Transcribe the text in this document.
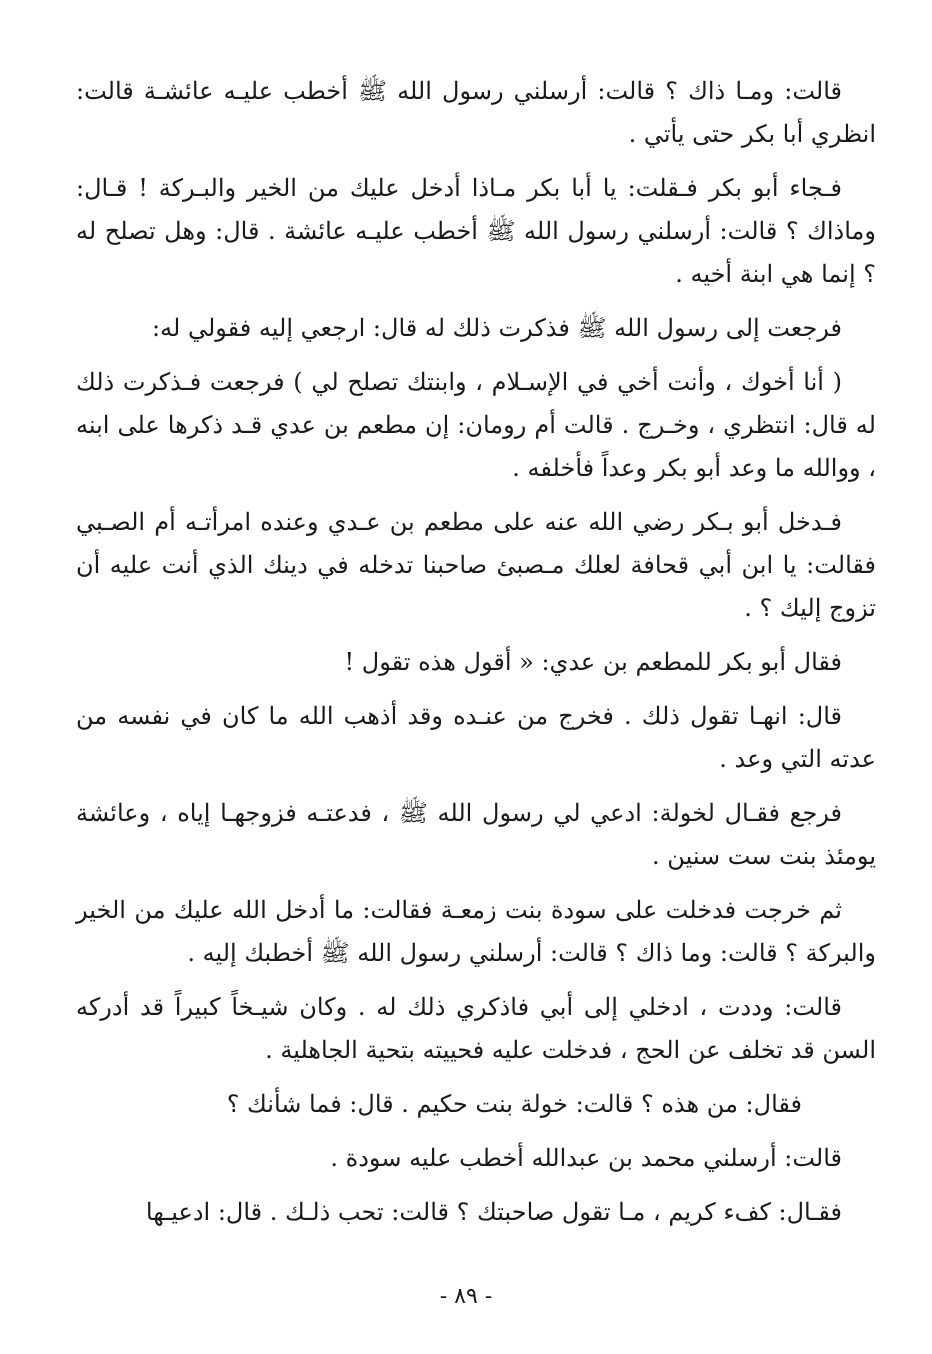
قالت: ومـا ذاك ؟ قالت: أرسلني رسول الله ﷺ أخطب عليـه عائشـة قالت: انظري أبا بكر حتى يأتي .

فـجاء أبو بكر فـقلت: يا أبا بكر مـاذا أدخل عليك من الخير والبـركة ! قـال: وماذاك ؟ قالت: أرسلني رسول الله ﷺ أخطب عليـه عائشة . قال: وهل تصلح له ؟ إنما هي ابنة أخيه .

فرجعت إلى رسول الله ﷺ فذكرت ذلك له قال: ارجعي إليه فقولي له:

( أنا أخوك ، وأنت أخي في الإسـلام ، وابنتك تصلح لي ) فرجعت فـذكرت ذلك له قال: انتظري ، وخـرج . قالت أم رومان: إن مطعم بن عدي قـد ذكرها على ابنه ، ووالله ما وعد أبو بكر وعداً فأخلفه .

فـدخل أبو بـكر رضي الله عنه على مطعم بن عـدي وعنده امرأتـه أم الصـبي فقالت: يا ابن أبي قحافة لعلك مـصبئ صاحبنا تدخله في دينك الذي أنت عليه أن تزوج إليك ؟ .

فقال أبو بكر للمطعم بن عدي: « أقول هذه تقول !

قال: انهـا تقول ذلك . فخرج من عنـده وقد أذهب الله ما كان في نفسه من عدته التي وعد .

فرجع فقـال لخولة: ادعي لي رسول الله ﷺ ، فدعتـه فزوجهـا إياه ، وعائشة يومئذ بنت ست سنين .

ثم خرجت فدخلت على سودة بنت زمعـة فقالت: ما أدخل الله عليك من الخير والبركة ؟ قالت: وما ذاك ؟ قالت: أرسلني رسول الله ﷺ أخطبك إليه .

قالت: وددت ، ادخلي إلى أبي فاذكري ذلك له . وكان شيـخاً كبيراً قد أدركه السن قد تخلف عن الحج ، فدخلت عليه فحييته بتحية الجاهلية .

فقال: من هذه ؟ قالت: خولة بنت حكيم . قال: فما شأنك ؟

قالت: أرسلني محمد بن عبدالله أخطب عليه سودة .

فقـال: كفء كريم ، مـا تقول صاحبتك ؟ قالت: تحب ذلـك . قال: ادعيـها

- ٨٩ -
